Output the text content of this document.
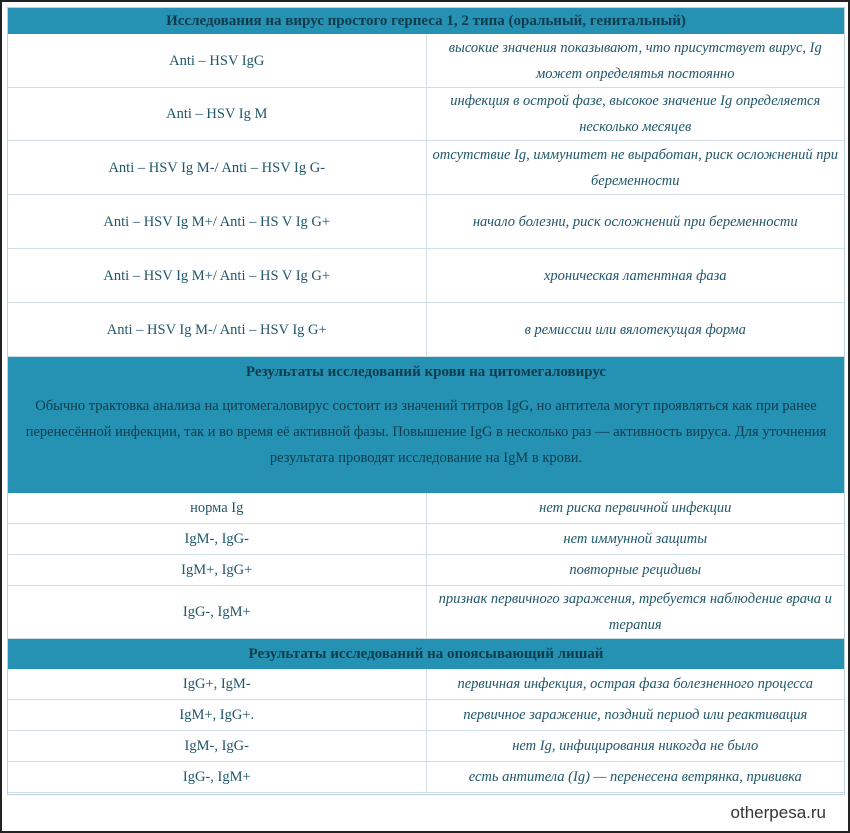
Исследования на вирус простого герпеса 1, 2 типа (оральный, генитальный)	
Anti – HSV IgG	высокие значения показывают, что присутствует вирус, Ig может определятья постоянно
Anti – HSV Ig M	инфекция в острой фазе, высокое значение Ig определяется несколько месяцев
Anti – HSV Ig M-/ Anti – HSV Ig G-	отсутствие Ig, иммунитет не выработан, риск осложнений при беременности
Anti – HSV Ig M+/ Anti – HS V Ig G+	начало болезни, риск осложнений при беременности
Anti – HSV Ig M+/ Anti – HS V Ig G+	хроническая латентная фаза
Anti – HSV Ig M-/ Anti – HSV Ig G+	в ремиссии или вялотекущая форма
Результаты исследований крови на цитомегаловирус	
Обычно трактовка анализа на цитомегаловирус состоит из значений титров IgG, но антитела могут проявляться как при ранее перенесённой инфекции, так и во время её активной фазы. Повышение IgG в несколько раз — активность вируса. Для уточнения результата проводят исследование на IgM в крови.	
норма Ig	нет риска первичной инфекции
IgM-, IgG-	нет иммунной защиты
IgM+, IgG+	повторные рецидивы
IgG-, IgM+	признак первичного заражения, требуется наблюдение врача и терапия
Результаты исследований на опоясывающий лишай	
IgG+, IgM-	первичная инфекция, острая фаза болезненного процесса
IgM+, IgG+.	первичное заражение, поздний период или реактивация
IgM-, IgG-	нет Ig, инфицирования никогда не было
IgG-, IgM+	есть антитела (Ig) — перенесена ветрянка, прививка
otherpesa.ru
